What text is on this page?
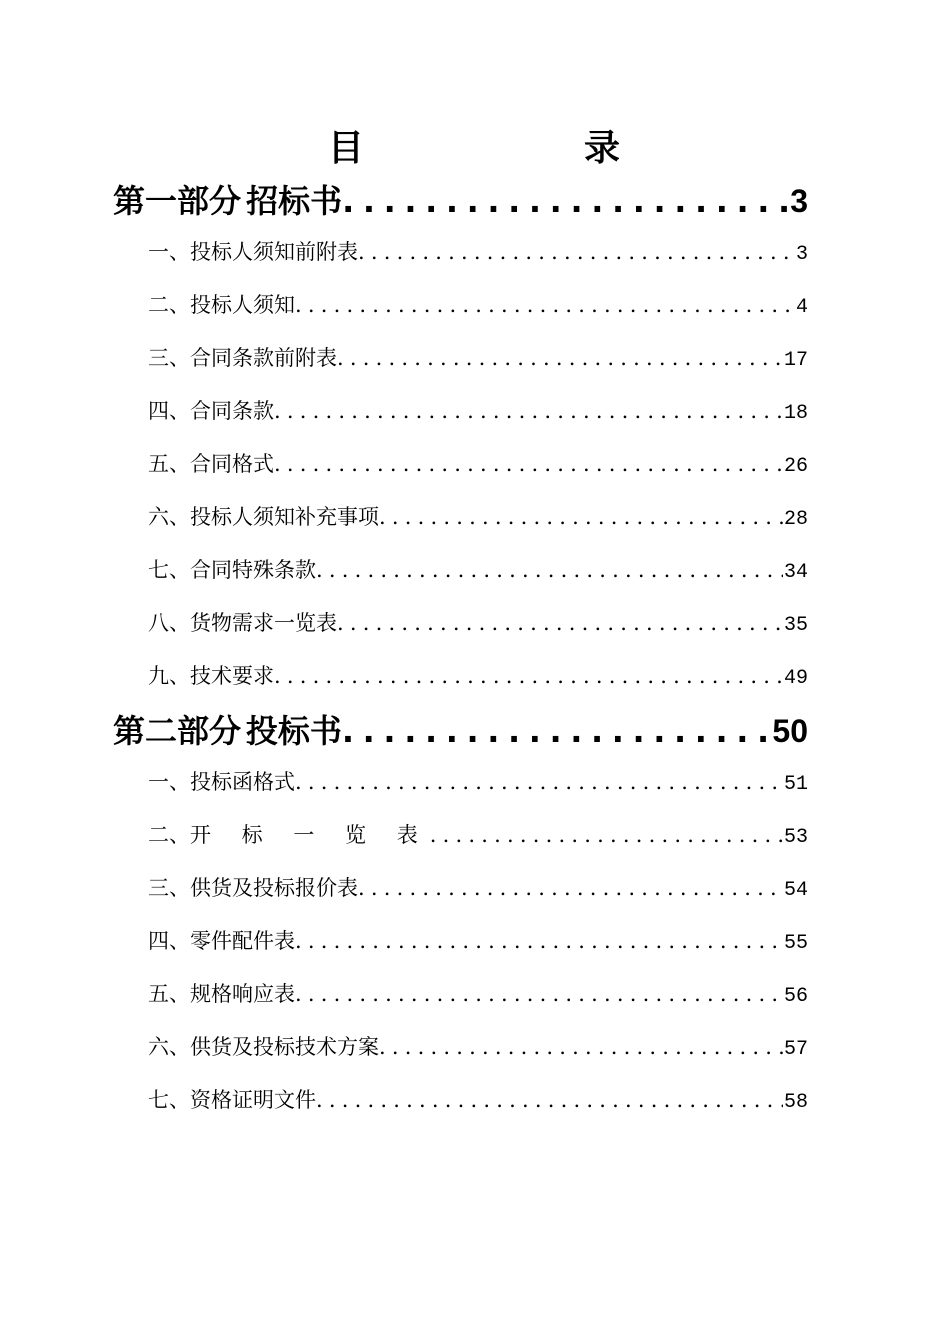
目    录
第一部分 招标书 .....	3
一、 投标人须知前附表 .....	3
二、 投标人须知 .....	4
三、 合同条款前附表 .....	17
四、 合同条款 .....	18
五、 合同格式 .....	26
六、 投标人须知补充事项 .....	28
七、 合同特殊条款 .....	34
八、 货物需求一览表 .....	35
九、 技术要求 .....	49
第二部分 投标书 .....	50
一、 投标函格式 .....	51
二、 开 标 一 览 表 .....	53
三、 供货及投标报价表 .....	54
四、 零件配件表 .....	55
五、 规格响应表 .....	56
六、 供货及投标技术方案 .....	57
七、 资格证明文件 .....	58
